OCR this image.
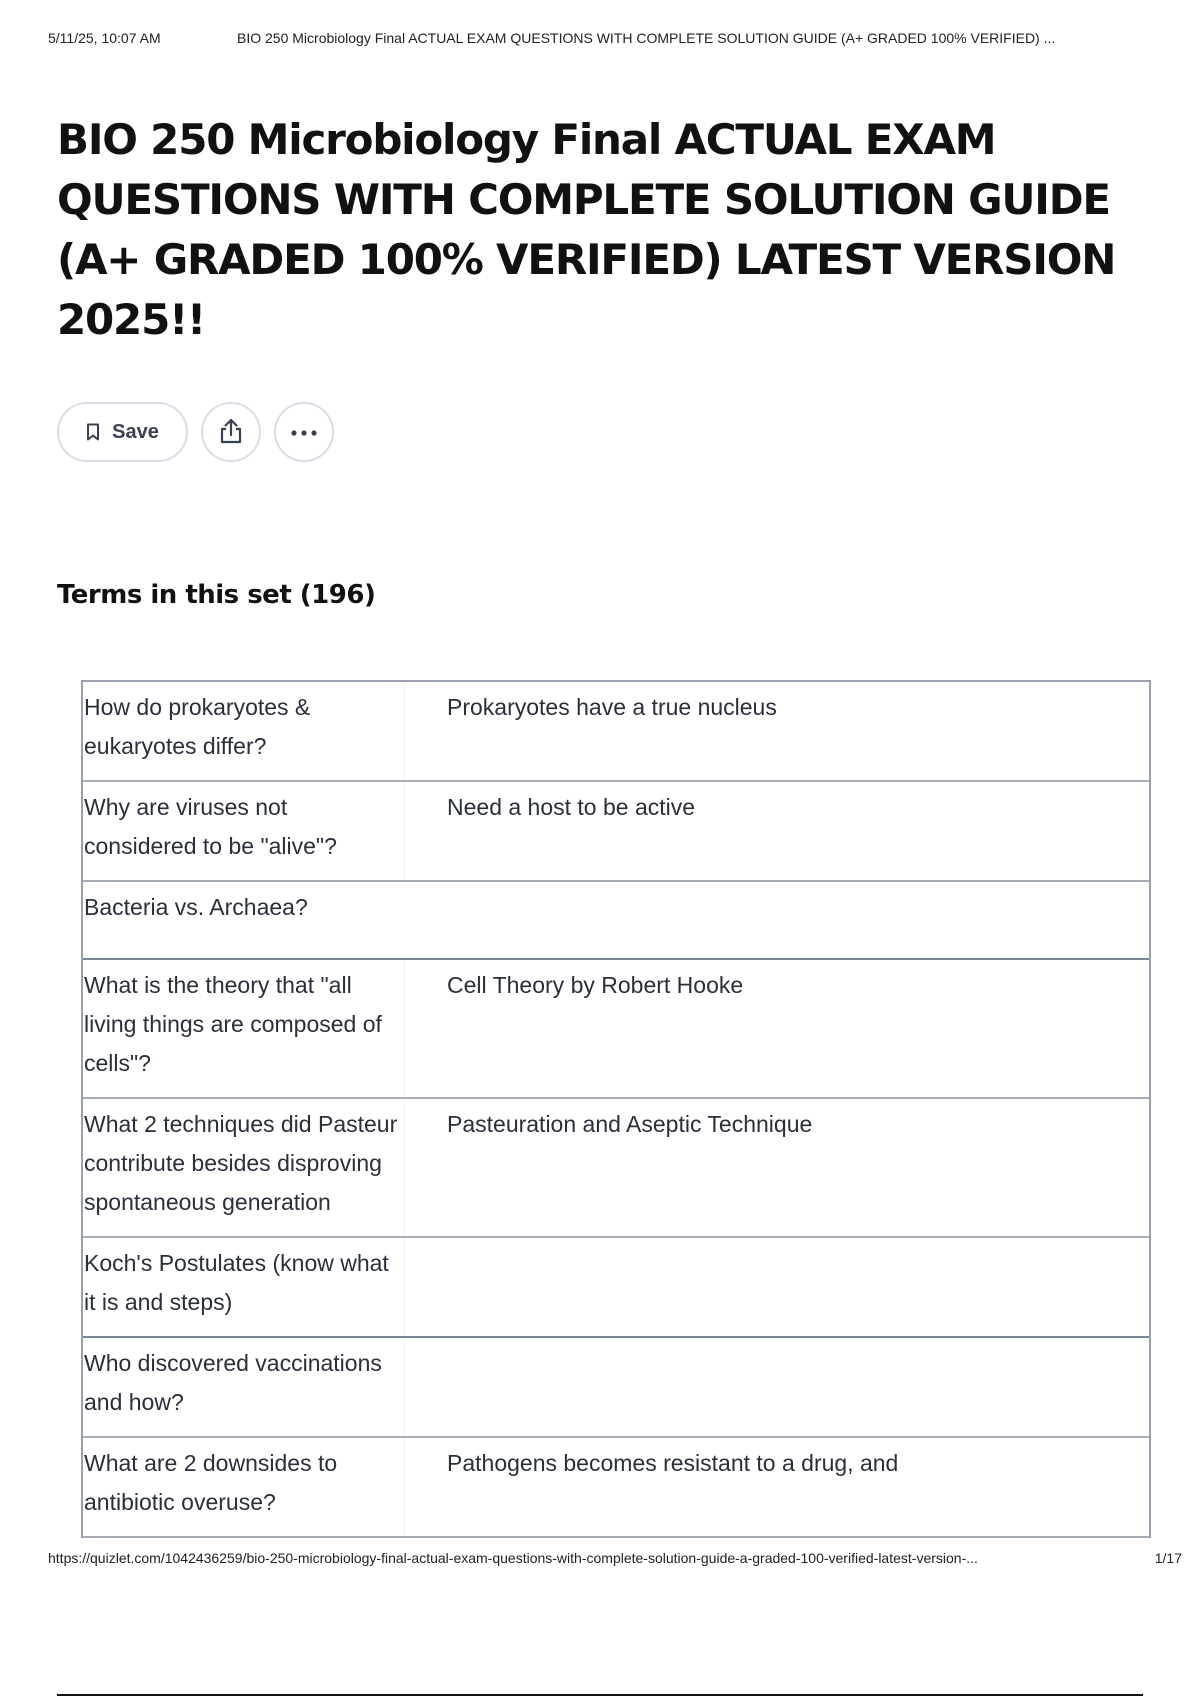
5/11/25, 10:07 AM	BIO 250 Microbiology Final ACTUAL EXAM QUESTIONS WITH COMPLETE SOLUTION GUIDE (A+ GRADED 100% VERIFIED) ...
BIO 250 Microbiology Final ACTUAL EXAM QUESTIONS WITH COMPLETE SOLUTION GUIDE (A+ GRADED 100% VERIFIED) LATEST VERSION 2025!!
Save
Terms in this set (196)
How do prokaryotes & eukaryotes differ?
Prokaryotes have a true nucleus
Why are viruses not considered to be "alive"?
Need a host to be active
Bacteria vs. Archaea?
What is the theory that "all living things are composed of cells"?
Cell Theory by Robert Hooke
What 2 techniques did Pasteur contribute besides disproving spontaneous generation
Pasteuration and Aseptic Technique
Koch's Postulates (know what it is and steps)
Who discovered vaccinations and how?
What are 2 downsides to antibiotic overuse?
Pathogens becomes resistant to a drug, and
https://quizlet.com/1042436259/bio-250-microbiology-final-actual-exam-questions-with-complete-solution-guide-a-graded-100-verified-latest-version-...	1/17
